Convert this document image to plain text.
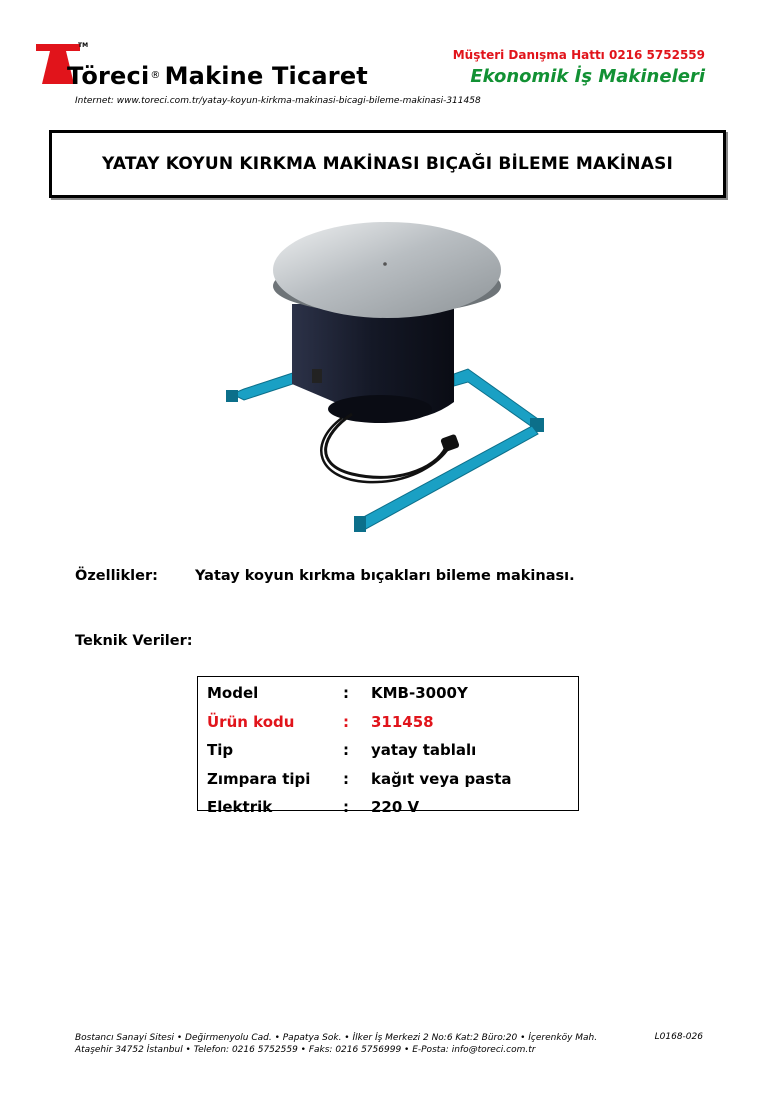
TM
Töreci® Makine Ticaret
Müşteri Danışma Hattı 0216 5752559
Ekonomik İş Makineleri
Internet: www.toreci.com.tr/yatay-koyun-kirkma-makinasi-bicagi-bileme-makinasi-311458
YATAY KOYUN KIRKMA MAKİNASI BIÇAĞI BİLEME MAKİNASI
Özellikler:	Yatay koyun kırkma bıçakları bileme makinası.
Teknik Veriler:
Model	:	KMB-3000Y
Ürün kodu	:	311458
Tip	:	yatay tablalı
Zımpara tipi	:	kağıt veya pasta
Elektrik	:	220 V
Bostancı Sanayi Sitesi • Değirmenyolu Cad. • Papatya Sok. • İlker İş Merkezi 2 No:6 Kat:2 Büro:20 • İçerenköy Mah.
Ataşehir 34752 İstanbul • Telefon: 0216 5752559 • Faks: 0216 5756999 • E-Posta: info@toreci.com.tr
L0168-026
